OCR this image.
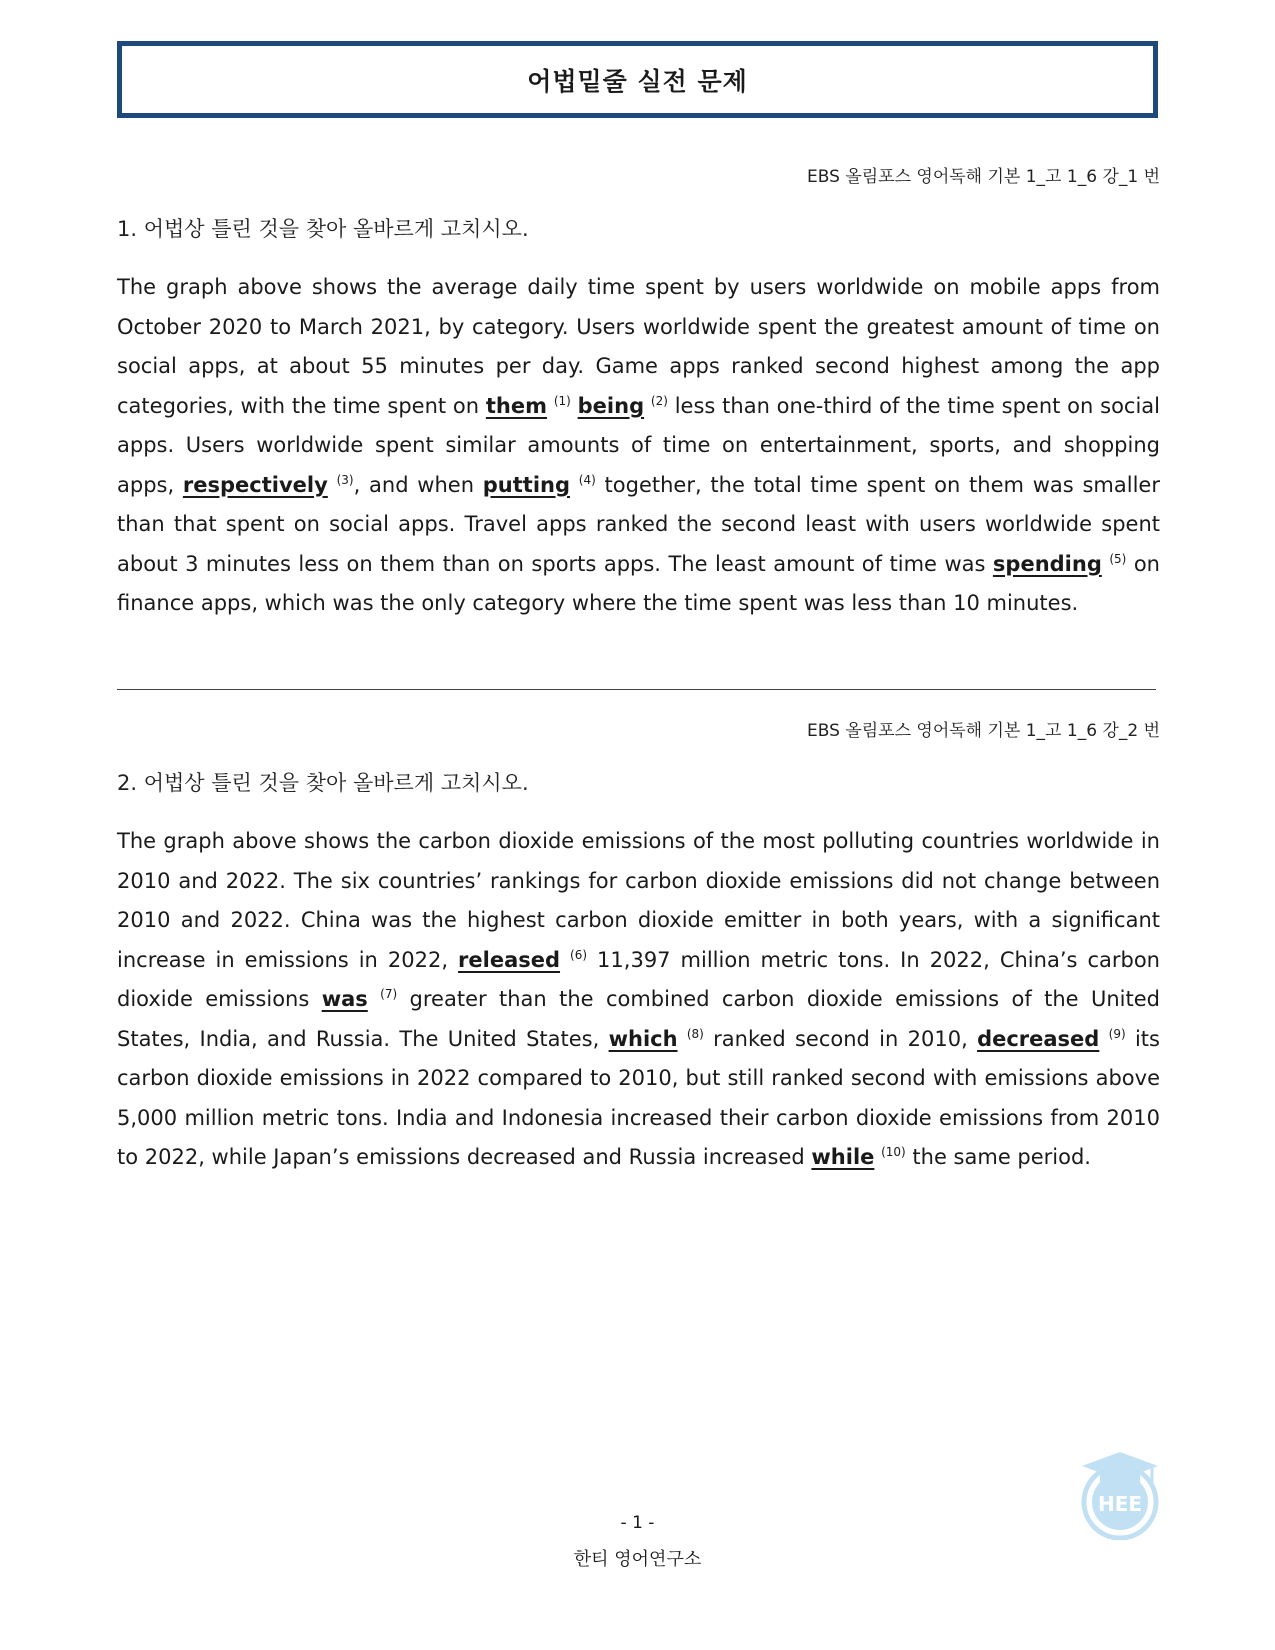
어법밑줄 실전 문제
EBS 올림포스 영어독해 기본 1_고 1_6 강_1 번
1. 어법상 틀린 것을 찾아 올바르게 고치시오.
The graph above shows the average daily time spent by users worldwide on mobile apps from October 2020 to March 2021, by category. Users worldwide spent the greatest amount of time on social apps, at about 55 minutes per day. Game apps ranked second highest among the app categories, with the time spent on them $^{(1)}$ being $^{(2)}$ less than one-third of the time spent on social apps. Users worldwide spent similar amounts of time on entertainment, sports, and shopping apps, respectively $^{(3)}$, and when putting $^{(4)}$ together, the total time spent on them was smaller than that spent on social apps. Travel apps ranked the second least with users worldwide spent about 3 minutes less on them than on sports apps. The least amount of time was spending $^{(5)}$ on finance apps, which was the only category where the time spent was less than 10 minutes.
EBS 올림포스 영어독해 기본 1_고 1_6 강_2 번
2. 어법상 틀린 것을 찾아 올바르게 고치시오.
The graph above shows the carbon dioxide emissions of the most polluting countries worldwide in 2010 and 2022. The six countries’ rankings for carbon dioxide emissions did not change between 2010 and 2022. China was the highest carbon dioxide emitter in both years, with a significant increase in emissions in 2022, released $^{(6)}$ 11,397 million metric tons. In 2022, China’s carbon dioxide emissions was $^{(7)}$ greater than the combined carbon dioxide emissions of the United States, India, and Russia. The United States, which $^{(8)}$ ranked second in 2010, decreased $^{(9)}$ its carbon dioxide emissions in 2022 compared to 2010, but still ranked second with emissions above 5,000 million metric tons. India and Indonesia increased their carbon dioxide emissions from 2010 to 2022, while Japan’s emissions decreased and Russia increased while $^{(10)}$ the same period.
HEE
- 1 -
한티 영어연구소
